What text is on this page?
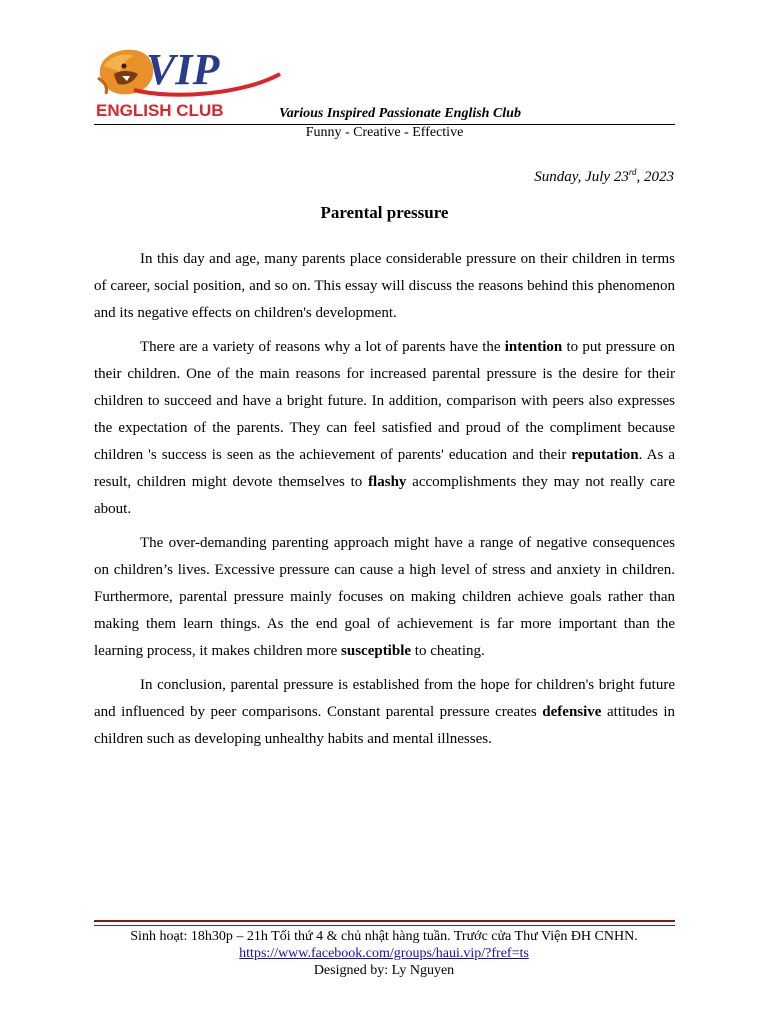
VIP
ENGLISH CLUB	Various Inspired Passionate English Club
Funny - Creative - Effective
Sunday, July 23rd, 2023
Parental pressure

In this day and age, many parents place considerable pressure on their children in terms of career, social position, and so on. This essay will discuss the reasons behind this phenomenon and its negative effects on children's development.

There are a variety of reasons why a lot of parents have the intention to put pressure on their children. One of the main reasons for increased parental pressure is the desire for their children to succeed and have a bright future. In addition, comparison with peers also expresses the expectation of the parents. They can feel satisfied and proud of the compliment because children 's success is seen as the achievement of parents' education and their reputation. As a result, children might devote themselves to flashy accomplishments they may not really care about.

The over-demanding parenting approach might have a range of negative consequences on children’s lives. Excessive pressure can cause a high level of stress and anxiety in children. Furthermore, parental pressure mainly focuses on making children achieve goals rather than making them learn things. As the end goal of achievement is far more important than the learning process, it makes children more susceptible to cheating.

In conclusion, parental pressure is established from the hope for children's bright future and influenced by peer comparisons. Constant parental pressure creates defensive attitudes in children such as developing unhealthy habits and mental illnesses.

Sinh hoạt: 18h30p – 21h Tối thứ 4 & chủ nhật hàng tuần. Trước cửa Thư Viện ĐH CNHN.
https://www.facebook.com/groups/haui.vip/?fref=ts
Designed by: Ly Nguyen
